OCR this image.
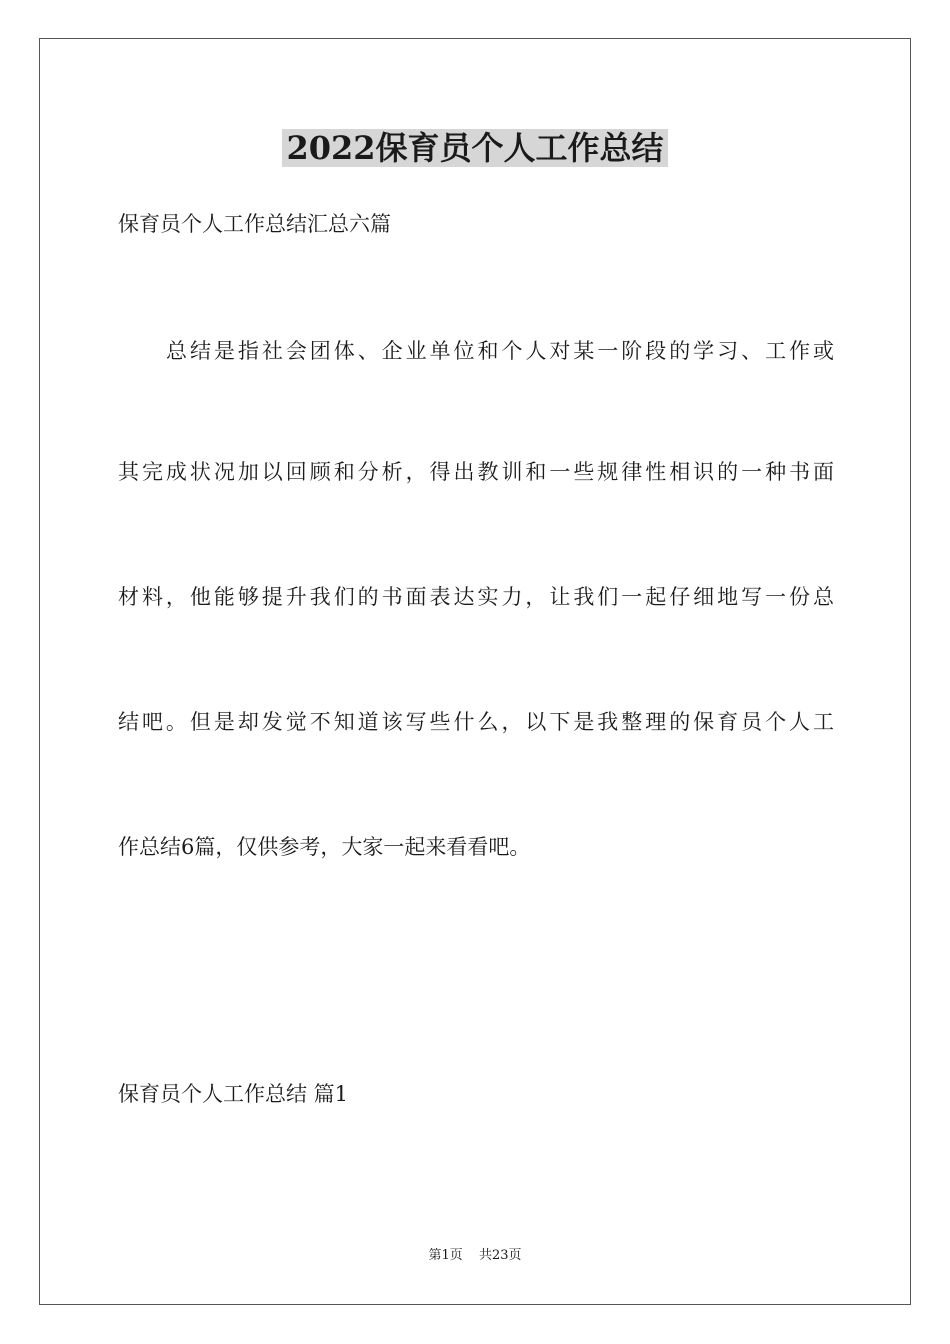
2022保育员个人工作总结

保育员个人工作总结汇总六篇

总结是指社会团体、企业单位和个人对某一阶段的学习、工作或

其完成状况加以回顾和分析，得出教训和一些规律性相识的一种书面

材料，他能够提升我们的书面表达实力，让我们一起仔细地写一份总

结吧。但是却发觉不知道该写些什么，以下是我整理的保育员个人工

作总结6篇，仅供参考，大家一起来看看吧。

保育员个人工作总结 篇1

第1页 共23页
